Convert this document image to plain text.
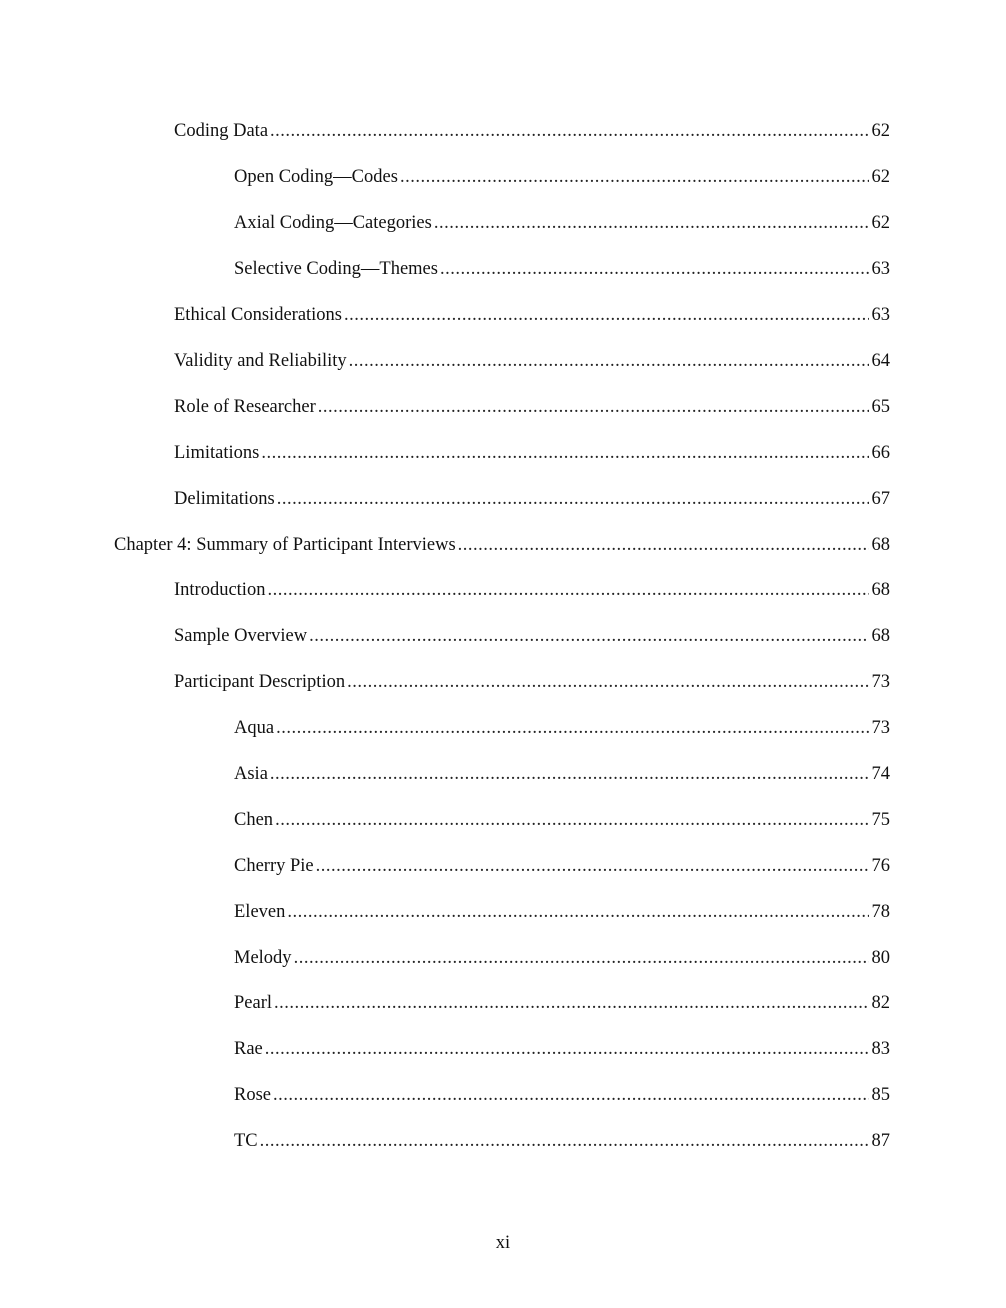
Coding Data .....	62
Open Coding—Codes .....	62
Axial Coding—Categories .....	62
Selective Coding—Themes .....	63
Ethical Considerations .....	63
Validity and Reliability .....	64
Role of Researcher .....	65
Limitations .....	66
Delimitations .....	67
Chapter 4: Summary of Participant Interviews .....	68
Introduction .....	68
Sample Overview .....	68
Participant Description .....	73
Aqua .....	73
Asia .....	74
Chen .....	75
Cherry Pie .....	76
Eleven .....	78
Melody .....	80
Pearl .....	82
Rae .....	83
Rose .....	85
TC .....	87
xi
